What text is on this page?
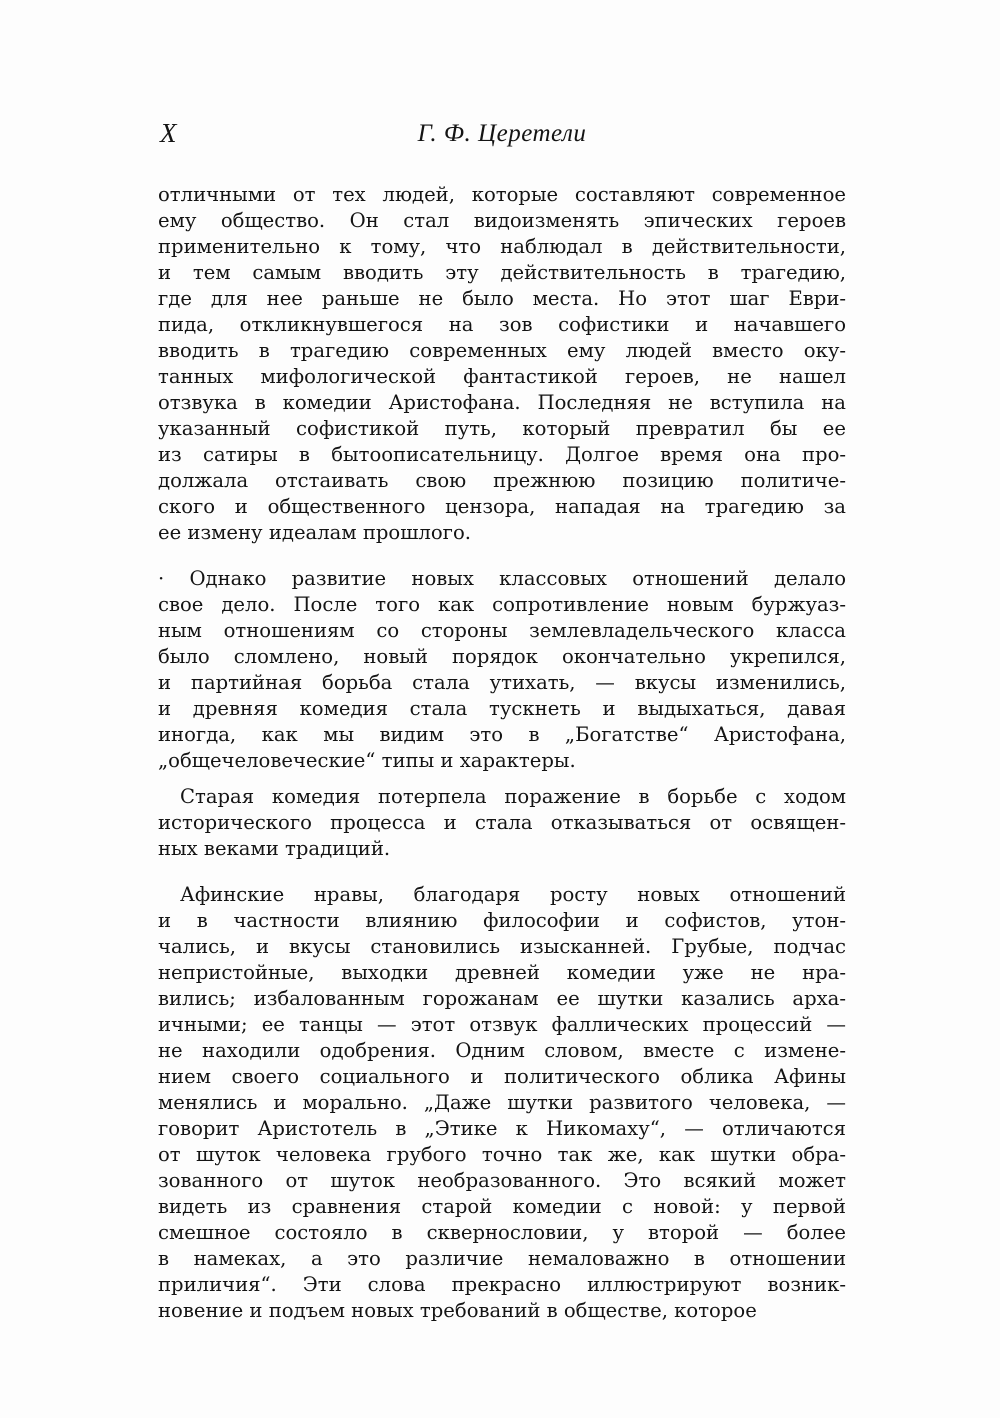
X	Г. Ф. Церетели
отличными от тех людей, которые составляют современное
ему общество. Он стал видоизменять эпических героев
применительно к тому, что наблюдал в действительности,
и тем самым вводить эту действительность в трагедию,
где для нее раньше не было места. Но этот шаг Еври-
пида, откликнувшегося на зов софистики и начавшего
вводить в трагедию современных ему людей вместо оку-
танных мифологической фантастикой героев, не нашел
отзвука в комедии Аристофана. Последняя не вступила на
указанный софистикой путь, который превратил бы ее
из сатиры в бытоописательницу. Долгое время она про-
должала отстаивать свою прежнюю позицию политиче-
ского и общественного цензора, нападая на трагедию за
ее измену идеалам прошлого.
· Однако развитие новых классовых отношений делало
свое дело. После того как сопротивление новым буржуаз-
ным отношениям со стороны землевладельческого класса
было сломлено, новый порядок окончательно укрепился,
и партийная борьба стала утихать, — вкусы изменились,
и древняя комедия стала тускнеть и выдыхаться, давая
иногда, как мы видим это в „Богатстве“ Аристофана,
„общечеловеческие“ типы и характеры.
Старая комедия потерпела поражение в борьбе с ходом
исторического процесса и стала отказываться от освящен-
ных веками традиций.
Афинские нравы, благодаря росту новых отношений
и в частности влиянию философии и софистов, утон-
чались, и вкусы становились изысканней. Грубые, подчас
непристойные, выходки древней комедии уже не нра-
вились; избалованным горожанам ее шутки казались арха-
ичными; ее танцы — этот отзвук фаллических процессий —
не находили одобрения. Одним словом, вместе с измене-
нием своего социального и политического облика Афины
менялись и морально. „Даже шутки развитого человека, —
говорит Аристотель в „Этике к Никомаху“, — отличаются
от шуток человека грубого точно так же, как шутки обра-
зованного от шуток необразованного. Это всякий может
видеть из сравнения старой комедии с новой: у первой
смешное состояло в сквернословии, у второй — более
в намеках, а это различие немаловажно в отношении
приличия“. Эти слова прекрасно иллюстрируют возник-
новение и подъем новых требований в обществе, которое
